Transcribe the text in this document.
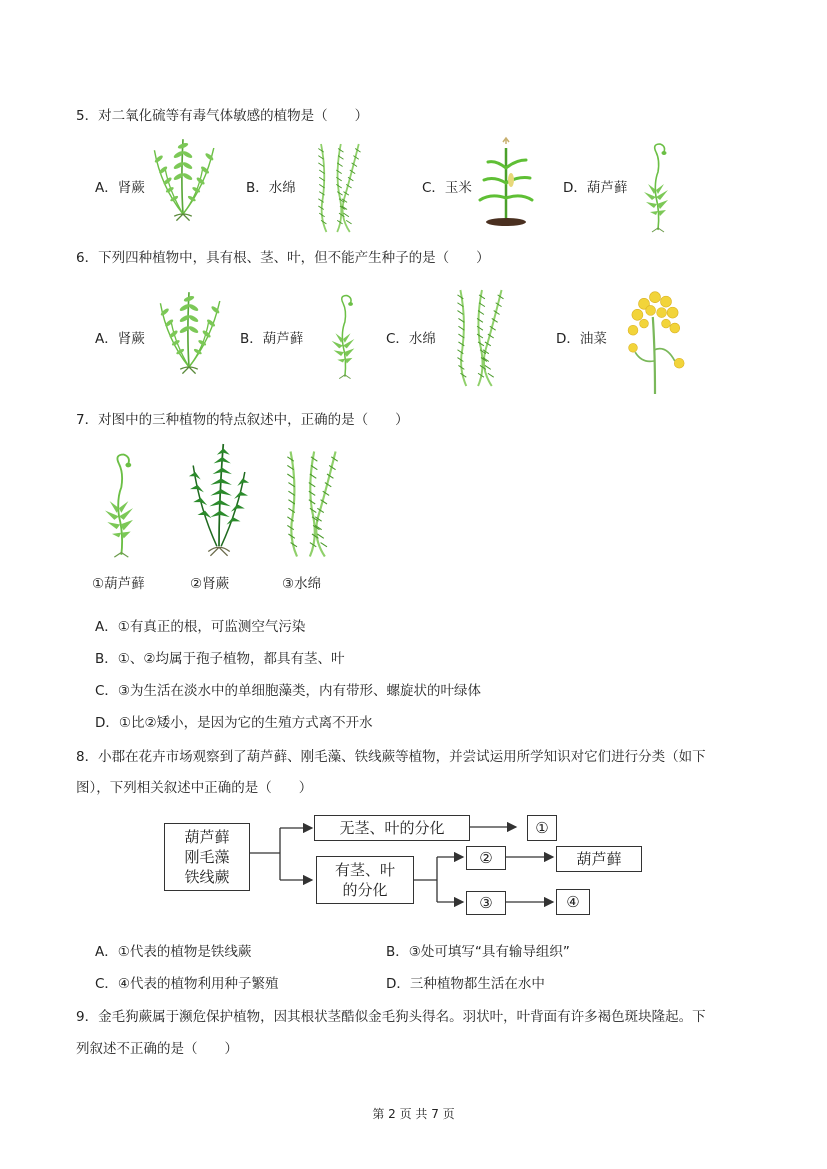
5．对二氧化硫等有毒气体敏感的植物是（　　）
A．肾蕨	B．水绵	C．玉米	D．葫芦藓
6．下列四种植物中，具有根、茎、叶，但不能产生种子的是（　　）
A．肾蕨	B．葫芦藓	C．水绵	D．油菜
7．对图中的三种植物的特点叙述中，正确的是（　　）
①葫芦藓	②肾蕨	③水绵
A．①有真正的根，可监测空气污染
B．①、②均属于孢子植物，都具有茎、叶
C．③为生活在淡水中的单细胞藻类，内有带形、螺旋状的叶绿体
D．①比②矮小，是因为它的生殖方式离不开水
8．小郡在花卉市场观察到了葫芦藓、刚毛藻、铁线蕨等植物，并尝试运用所学知识对它们进行分类（如下
图），下列相关叙述中正确的是（　　）
葫芦藓
刚毛藻
铁线蕨
无茎、叶的分化
有茎、叶
的分化
①
②	葫芦藓
③	④
A．①代表的植物是铁线蕨	B．③处可填写“具有输导组织”
C．④代表的植物利用种子繁殖	D．三种植物都生活在水中
9．金毛狗蕨属于濒危保护植物，因其根状茎酷似金毛狗头得名。羽状叶，叶背面有许多褐色斑块隆起。下
列叙述不正确的是（　　）
第 2 页 共 7 页
